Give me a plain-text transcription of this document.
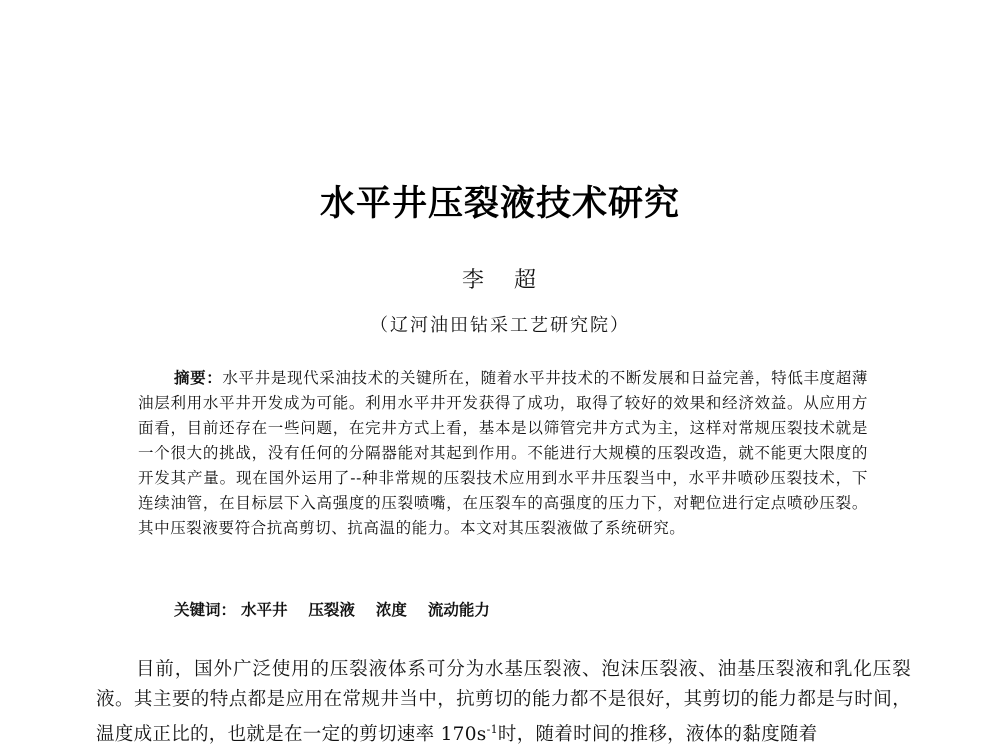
水平井压裂液技术研究
李超
（辽河油田钻采工艺研究院）
摘要：水平井是现代采油技术的关键所在，随着水平井技术的不断发展和日益完善，特低丰度超薄油层利用水平井开发成为可能。利用水平井开发获得了成功，取得了较好的效果和经济效益。从应用方面看，目前还存在一些问题，在完井方式上看，基本是以筛管完井方式为主，这样对常规压裂技术就是一个很大的挑战，没有任何的分隔器能对其起到作用。不能进行大规模的压裂改造，就不能更大限度的开发其产量。现在国外运用了--种非常规的压裂技术应用到水平井压裂当中，水平井喷砂压裂技术，下连续油管，在目标层下入高强度的压裂喷嘴，在压裂车的高强度的压力下，对靶位进行定点喷砂压裂。其中压裂液要符合抗高剪切、抗高温的能力。本文对其压裂液做了系统研究。
关键词： 水平井 压裂液 浓度 流动能力
目前，国外广泛使用的压裂液体系可分为水基压裂液、泡沫压裂液、油基压裂液和乳化压裂液。其主要的特点都是应用在常规井当中，抗剪切的能力都不是很好，其剪切的能力都是与时间，温度成正比的，也就是在一定的剪切速率 $170s^{-1}$时，随着时间的推移，液体的黏度随着
